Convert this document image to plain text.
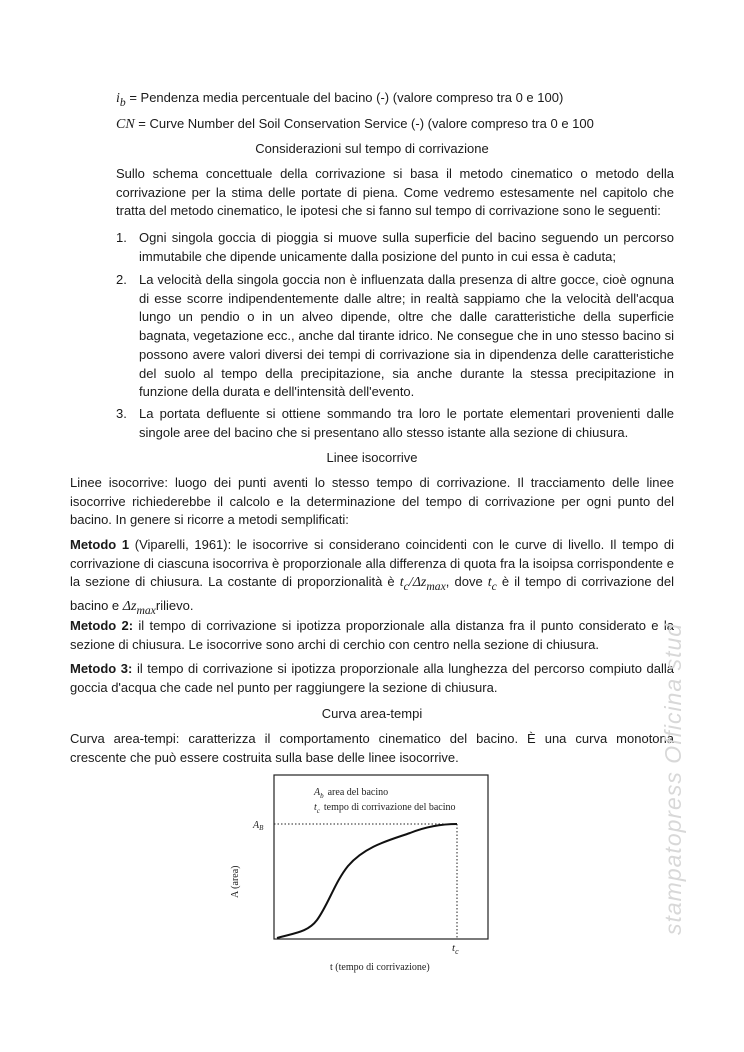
$i_b$ = Pendenza media percentuale del bacino (-) (valore compreso tra 0 e 100)
CN = Curve Number del Soil Conservation Service (-) (valore compreso tra 0 e 100
Considerazioni sul tempo di corrivazione
Sullo schema concettuale della corrivazione si basa il metodo cinematico o metodo della corrivazione per la stima delle portate di piena. Come vedremo estesamente nel capitolo che tratta del metodo cinematico, le ipotesi che si fanno sul tempo di corrivazione sono le seguenti:
1. Ogni singola goccia di pioggia si muove sulla superficie del bacino seguendo un percorso immutabile che dipende unicamente dalla posizione del punto in cui essa è caduta;
2. La velocità della singola goccia non è influenzata dalla presenza di altre gocce, cioè ognuna di esse scorre indipendentemente dalle altre; in realtà sappiamo che la velocità dell'acqua lungo un pendio o in un alveo dipende, oltre che dalle caratteristiche della superficie bagnata, vegetazione ecc., anche dal tirante idrico. Ne consegue che in uno stesso bacino si possono avere valori diversi dei tempi di corrivazione sia in dipendenza delle caratteristiche del suolo al tempo della precipitazione, sia anche durante la stessa precipitazione in funzione della durata e dell'intensità dell'evento.
3. La portata defluente si ottiene sommando tra loro le portate elementari provenienti dalle singole aree del bacino che si presentano allo stesso istante alla sezione di chiusura.
Linee isocorrive
Linee isocorrive: luogo dei punti aventi lo stesso tempo di corrivazione. Il tracciamento delle linee isocorrive richiederebbe il calcolo e la determinazione del tempo di corrivazione per ogni punto del bacino. In genere si ricorre a metodi semplificati:
Metodo 1 (Viparelli, 1961): le isocorrive si considerano coincidenti con le curve di livello. Il tempo di corrivazione di ciascuna isocorriva è proporzionale alla differenza di quota fra la isoipsa corrispondente e la sezione di chiusura. La costante di proporzionalità è $t_c/\Delta z_{max}$, dove $t_c$ è il tempo di corrivazione del bacino e $\Delta z_{max}rilievo$.
Metodo 2: il tempo di corrivazione si ipotizza proporzionale alla distanza fra il punto considerato e la sezione di chiusura. Le isocorrive sono archi di cerchio con centro nella sezione di chiusura.
Metodo 3: il tempo di corrivazione si ipotizza proporzionale alla lunghezza del percorso compiuto dalla goccia d'acqua che cade nel punto per raggiungere la sezione di chiusura.
Curva area-tempi
Curva area-tempi: caratterizza il comportamento cinematico del bacino. È una curva monotona crescente che può essere costruita sulla base delle linee isocorrive.
$A_b$ area del bacino
$t_c$ tempo di corrivazione del bacino
$A_B$
A (area)
$t_c$
t (tempo di corrivazione)
stampatopress Officina stud
